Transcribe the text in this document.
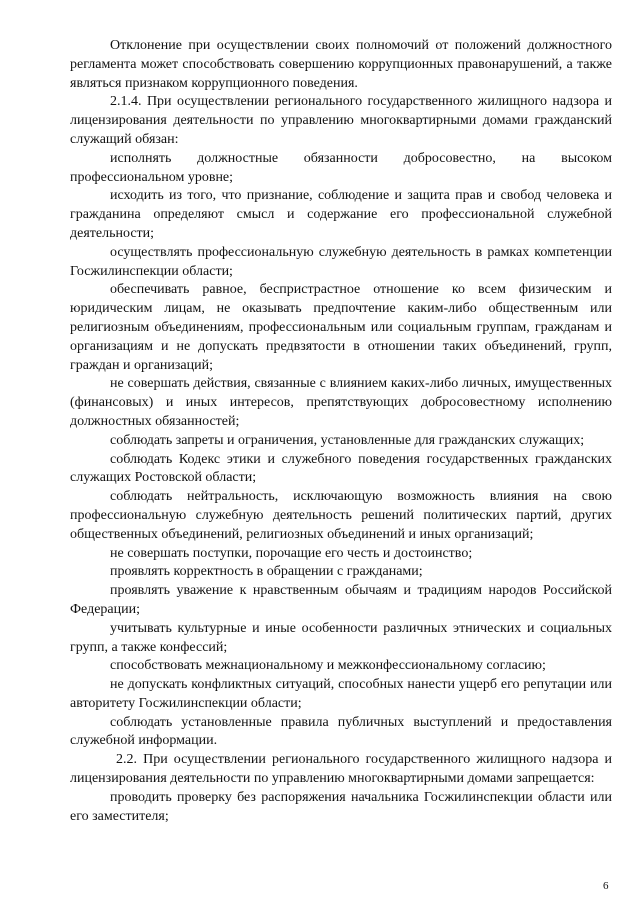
Отклонение при осуществлении своих полномочий от положений должностного регламента может способствовать совершению коррупционных правонарушений, а также являться признаком коррупционного поведения.

2.1.4. При осуществлении регионального государственного жилищного надзора и лицензирования деятельности по управлению многоквартирными домами гражданский служащий обязан:

исполнять должностные обязанности добросовестно, на высоком профессиональном уровне;

исходить из того, что признание, соблюдение и защита прав и свобод человека и гражданина определяют смысл и содержание его профессиональной служебной деятельности;

осуществлять профессиональную служебную деятельность в рамках компетенции Госжилинспекции области;

обеспечивать равное, беспристрастное отношение ко всем физическим и юридическим лицам, не оказывать предпочтение каким-либо общественным или религиозным объединениям, профессиональным или социальным группам, гражданам и организациям и не допускать предвзятости в отношении таких объединений, групп, граждан и организаций;

не совершать действия, связанные с влиянием каких-либо личных, имущественных (финансовых) и иных интересов, препятствующих добросовестному исполнению должностных обязанностей;

соблюдать запреты и ограничения, установленные для гражданских служащих;

соблюдать Кодекс этики и служебного поведения государственных гражданских служащих Ростовской области;

соблюдать нейтральность, исключающую возможность влияния на свою профессиональную служебную деятельность решений политических партий, других общественных объединений, религиозных объединений и иных организаций;

не совершать поступки, порочащие его честь и достоинство;

проявлять корректность в обращении с гражданами;

проявлять уважение к нравственным обычаям и традициям народов Российской Федерации;

учитывать культурные и иные особенности различных этнических и социальных групп, а также конфессий;

способствовать межнациональному и межконфессиональному согласию;

не допускать конфликтных ситуаций, способных нанести ущерб его репутации или авторитету Госжилинспекции области;

соблюдать установленные правила публичных выступлений и предоставления служебной информации.

2.2. При осуществлении регионального государственного жилищного надзора и лицензирования деятельности по управлению многоквартирными домами запрещается:

проводить проверку без распоряжения начальника Госжилинспекции области или его заместителя;

6
